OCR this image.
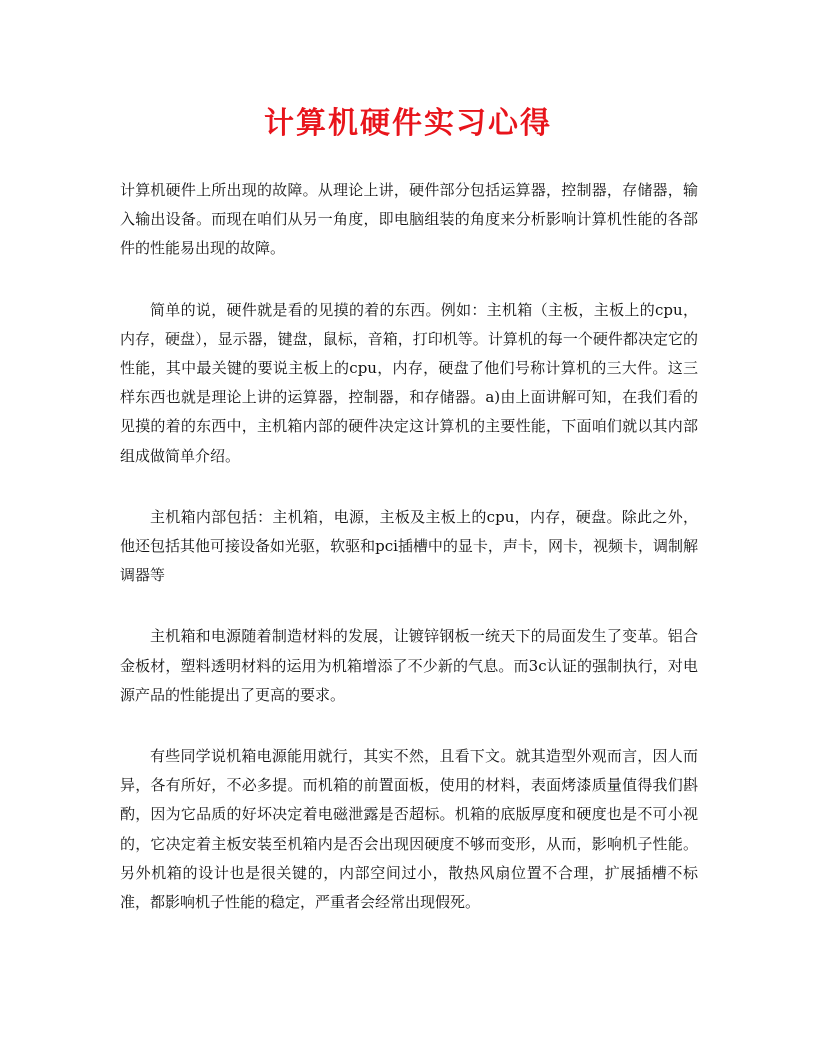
计算机硬件实习心得

计算机硬件上所出现的故障。从理论上讲，硬件部分包括运算器，控制器，存储器，输入输出设备。而现在咱们从另一角度，即电脑组装的角度来分析影响计算机性能的各部件的性能易出现的故障。

简单的说，硬件就是看的见摸的着的东西。例如：主机箱（主板，主板上的cpu，内存，硬盘），显示器，键盘，鼠标，音箱，打印机等。计算机的每一个硬件都决定它的性能，其中最关键的要说主板上的cpu，内存，硬盘了他们号称计算机的三大件。这三样东西也就是理论上讲的运算器，控制器，和存储器。a)由上面讲解可知，在我们看的见摸的着的东西中，主机箱内部的硬件决定这计算机的主要性能，下面咱们就以其内部组成做简单介绍。

主机箱内部包括：主机箱，电源，主板及主板上的cpu，内存，硬盘。除此之外，他还包括其他可接设备如光驱，软驱和pci插槽中的显卡，声卡，网卡，视频卡，调制解调器等

主机箱和电源随着制造材料的发展，让镀锌钢板一统天下的局面发生了变革。铝合金板材，塑料透明材料的运用为机箱增添了不少新的气息。而3c认证的强制执行，对电源产品的性能提出了更高的要求。

有些同学说机箱电源能用就行，其实不然，且看下文。就其造型外观而言，因人而异，各有所好，不必多提。而机箱的前置面板，使用的材料，表面烤漆质量值得我们斟酌，因为它品质的好坏决定着电磁泄露是否超标。机箱的底版厚度和硬度也是不可小视的，它决定着主板安装至机箱内是否会出现因硬度不够而变形，从而，影响机子性能。另外机箱的设计也是很关键的，内部空间过小，散热风扇位置不合理，扩展插槽不标准，都影响机子性能的稳定，严重者会经常出现假死。
